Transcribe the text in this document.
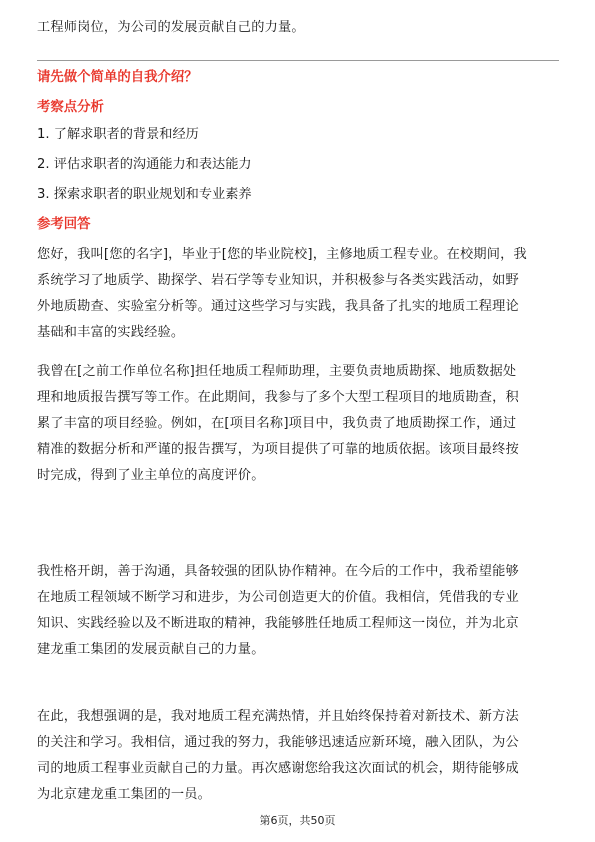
工程师岗位，为公司的发展贡献自己的力量。
请先做个简单的自我介绍？
考察点分析
1. 了解求职者的背景和经历
2. 评估求职者的沟通能力和表达能力
3. 探索求职者的职业规划和专业素养
参考回答
您好，我叫[您的名字]，毕业于[您的毕业院校]，主修地质工程专业。在校期间，我
系统学习了地质学、勘探学、岩石学等专业知识，并积极参与各类实践活动，如野
外地质勘查、实验室分析等。通过这些学习与实践，我具备了扎实的地质工程理论
基础和丰富的实践经验。
我曾在[之前工作单位名称]担任地质工程师助理，主要负责地质勘探、地质数据处
理和地质报告撰写等工作。在此期间，我参与了多个大型工程项目的地质勘查，积
累了丰富的项目经验。例如，在[项目名称]项目中，我负责了地质勘探工作，通过
精准的数据分析和严谨的报告撰写，为项目提供了可靠的地质依据。该项目最终按
时完成，得到了业主单位的高度评价。
我性格开朗，善于沟通，具备较强的团队协作精神。在今后的工作中，我希望能够
在地质工程领域不断学习和进步，为公司创造更大的价值。我相信，凭借我的专业
知识、实践经验以及不断进取的精神，我能够胜任地质工程师这一岗位，并为北京
建龙重工集团的发展贡献自己的力量。
在此，我想强调的是，我对地质工程充满热情，并且始终保持着对新技术、新方法
的关注和学习。我相信，通过我的努力，我能够迅速适应新环境，融入团队，为公
司的地质工程事业贡献自己的力量。再次感谢您给我这次面试的机会，期待能够成
为北京建龙重工集团的一员。
第6页，共50页
